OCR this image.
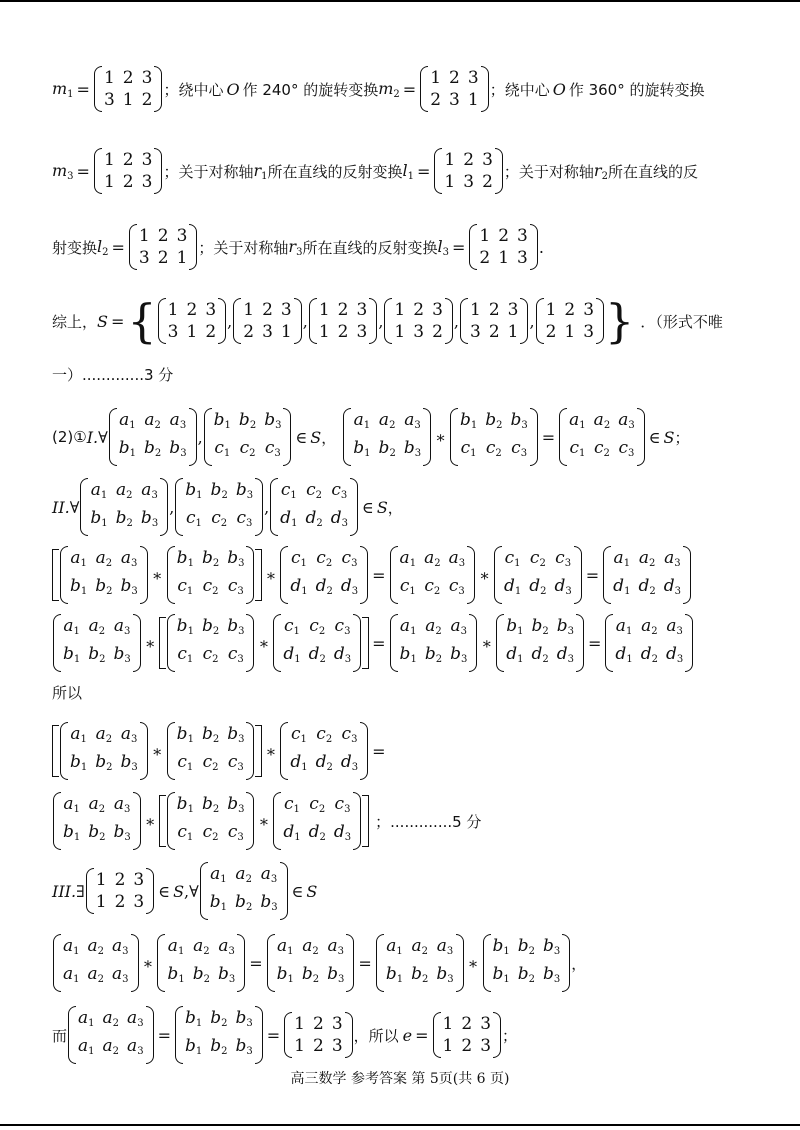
$m_1$ =
1 2 3
3 1 2
；绕中心 O 作 240° 的旋转变换 $m_2$ =
1 2 3
2 3 1
；绕中心 O 作 360° 的旋转变换
$m_3$ =
1 2 3
1 2 3
；关于对称轴 $r_1$ 所在直线的反射变换 $l_1$ =
1 2 3
1 3 2
；关于对称轴 $r_2$ 所在直线的反
射变换 $l_2$ =
1 2 3
3 2 1
；关于对称轴 $r_3$ 所在直线的反射变换 $l_3$ =
1 2 3
2 1 3
.
综上， S = { 1 2 3
3 1 2
,
1 2 3
2 3 1
,
1 2 3
1 2 3
,
1 2 3
1 3 2
,
1 2 3
3 2 1
,
1 2 3
2 1 3 } ．（形式不唯
一）.............3 分
(2)① I. ∀
$a_1$ $a_2$ $a_3$
$b_1$ $b_2$ $b_3$
,
$b_1$ $b_2$ $b_3$
$c_1$ $c_2$ $c_3$
∈ S ，
$a_1$ $a_2$ $a_3$
$b_1$ $b_2$ $b_3$
∗
$b_1$ $b_2$ $b_3$
$c_1$ $c_2$ $c_3$
=
$a_1$ $a_2$ $a_3$
$c_1$ $c_2$ $c_3$
∈ S ；
II. ∀
$a_1$ $a_2$ $a_3$
$b_1$ $b_2$ $b_3$
,
$b_1$ $b_2$ $b_3$
$c_1$ $c_2$ $c_3$
,
$c_1$ $c_2$ $c_3$
$d_1$ $d_2$ $d_3$
∈ S ，
$a_1$ $a_2$ $a_3$
$b_1$ $b_2$ $b_3$
∗
$b_1$ $b_2$ $b_3$
$c_1$ $c_2$ $c_3$
∗
$c_1$ $c_2$ $c_3$
$d_1$ $d_2$ $d_3$
=
$a_1$ $a_2$ $a_3$
$c_1$ $c_2$ $c_3$
∗
$c_1$ $c_2$ $c_3$
$d_1$ $d_2$ $d_3$
=
$a_1$ $a_2$ $a_3$
$d_1$ $d_2$ $d_3$
$a_1$ $a_2$ $a_3$
$b_1$ $b_2$ $b_3$
∗
$b_1$ $b_2$ $b_3$
$c_1$ $c_2$ $c_3$
∗
$c_1$ $c_2$ $c_3$
$d_1$ $d_2$ $d_3$
=
$a_1$ $a_2$ $a_3$
$b_1$ $b_2$ $b_3$
∗
$b_1$ $b_2$ $b_3$
$d_1$ $d_2$ $d_3$
=
$a_1$ $a_2$ $a_3$
$d_1$ $d_2$ $d_3$
所以
$a_1$ $a_2$ $a_3$
$b_1$ $b_2$ $b_3$
∗
$b_1$ $b_2$ $b_3$
$c_1$ $c_2$ $c_3$
∗
$c_1$ $c_2$ $c_3$
$d_1$ $d_2$ $d_3$
=
$a_1$ $a_2$ $a_3$
$b_1$ $b_2$ $b_3$
∗
$b_1$ $b_2$ $b_3$
$c_1$ $c_2$ $c_3$
∗
$c_1$ $c_2$ $c_3$
$d_1$ $d_2$ $d_3$
；.............5 分
III. ∃
1 2 3
1 2 3
∈ S , ∀
$a_1$ $a_2$ $a_3$
$b_1$ $b_2$ $b_3$
∈ S
$a_1$ $a_2$ $a_3$
$a_1$ $a_2$ $a_3$
∗
$a_1$ $a_2$ $a_3$
$b_1$ $b_2$ $b_3$
=
$a_1$ $a_2$ $a_3$
$b_1$ $b_2$ $b_3$
=
$a_1$ $a_2$ $a_3$
$b_1$ $b_2$ $b_3$
∗
$b_1$ $b_2$ $b_3$
$b_1$ $b_2$ $b_3$
，
而
$a_1$ $a_2$ $a_3$
$a_1$ $a_2$ $a_3$
=
$b_1$ $b_2$ $b_3$
$b_1$ $b_2$ $b_3$
=
1 2 3
1 2 3
，所以 e =
1 2 3
1 2 3
；
高三数学 参考答案 第 5页(共 6 页)
